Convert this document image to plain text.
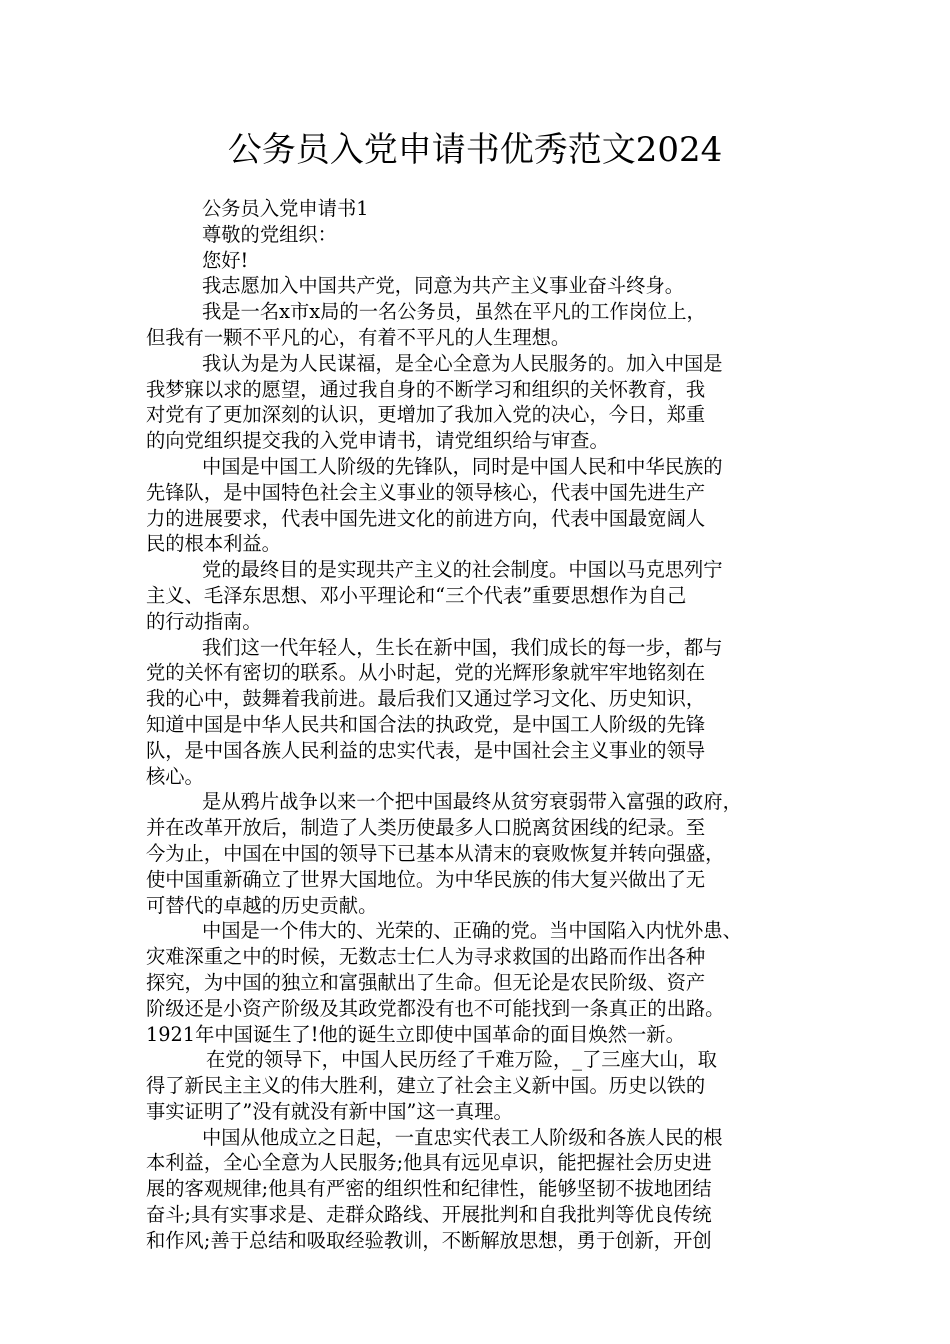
公务员入党申请书优秀范文2024

公务员入党申请书1

尊敬的党组织：

您好!

我志愿加入中国共产党，同意为共产主义事业奋斗终身。

我是一名x市x局的一名公务员，虽然在平凡的工作岗位上，

但我有一颗不平凡的心，有着不平凡的人生理想。

我认为是为人民谋福，是全心全意为人民服务的。加入中国是

我梦寐以求的愿望，通过我自身的不断学习和组织的关怀教育，我

对党有了更加深刻的认识，更增加了我加入党的决心，今日，郑重

的向党组织提交我的入党申请书，请党组织给与审查。

中国是中国工人阶级的先锋队，同时是中国人民和中华民族的

先锋队，是中国特色社会主义事业的领导核心，代表中国先进生产

力的进展要求，代表中国先进文化的前进方向，代表中国最宽阔人

民的根本利益。

党的最终目的是实现共产主义的社会制度。中国以马克思列宁

主义、毛泽东思想、邓小平理论和“三个代表”重要思想作为自己

的行动指南。

我们这一代年轻人，生长在新中国，我们成长的每一步，都与

党的关怀有密切的联系。从小时起，党的光辉形象就牢牢地铭刻在

我的心中，鼓舞着我前进。最后我们又通过学习文化、历史知识，

知道中国是中华人民共和国合法的执政党，是中国工人阶级的先锋

队，是中国各族人民利益的忠实代表，是中国社会主义事业的领导

核心。

是从鸦片战争以来一个把中国最终从贫穷衰弱带入富强的政府，

并在改革开放后，制造了人类历使最多人口脱离贫困线的纪录。至

今为止，中国在中国的领导下已基本从清末的衰败恢复并转向强盛，

使中国重新确立了世界大国地位。为中华民族的伟大复兴做出了无

可替代的卓越的历史贡献。

中国是一个伟大的、光荣的、正确的党。当中国陷入内忧外患、

灾难深重之中的时候，无数志士仁人为寻求救国的出路而作出各种

探究，为中国的独立和富强献出了生命。但无论是农民阶级、资产

阶级还是小资产阶级及其政党都没有也不可能找到一条真正的出路。

1921年中国诞生了!他的诞生立即使中国革命的面目焕然一新。

在党的领导下，中国人民历经了千难万险，_了三座大山，取

得了新民主主义的伟大胜利，建立了社会主义新中国。历史以铁的

事实证明了”没有就没有新中国”这一真理。

中国从他成立之日起，一直忠实代表工人阶级和各族人民的根

本利益，全心全意为人民服务;他具有远见卓识，能把握社会历史进

展的客观规律;他具有严密的组织性和纪律性，能够坚韧不拔地团结

奋斗;具有实事求是、走群众路线、开展批判和自我批判等优良传统

和作风;善于总结和吸取经验教训，不断解放思想，勇于创新，开创
